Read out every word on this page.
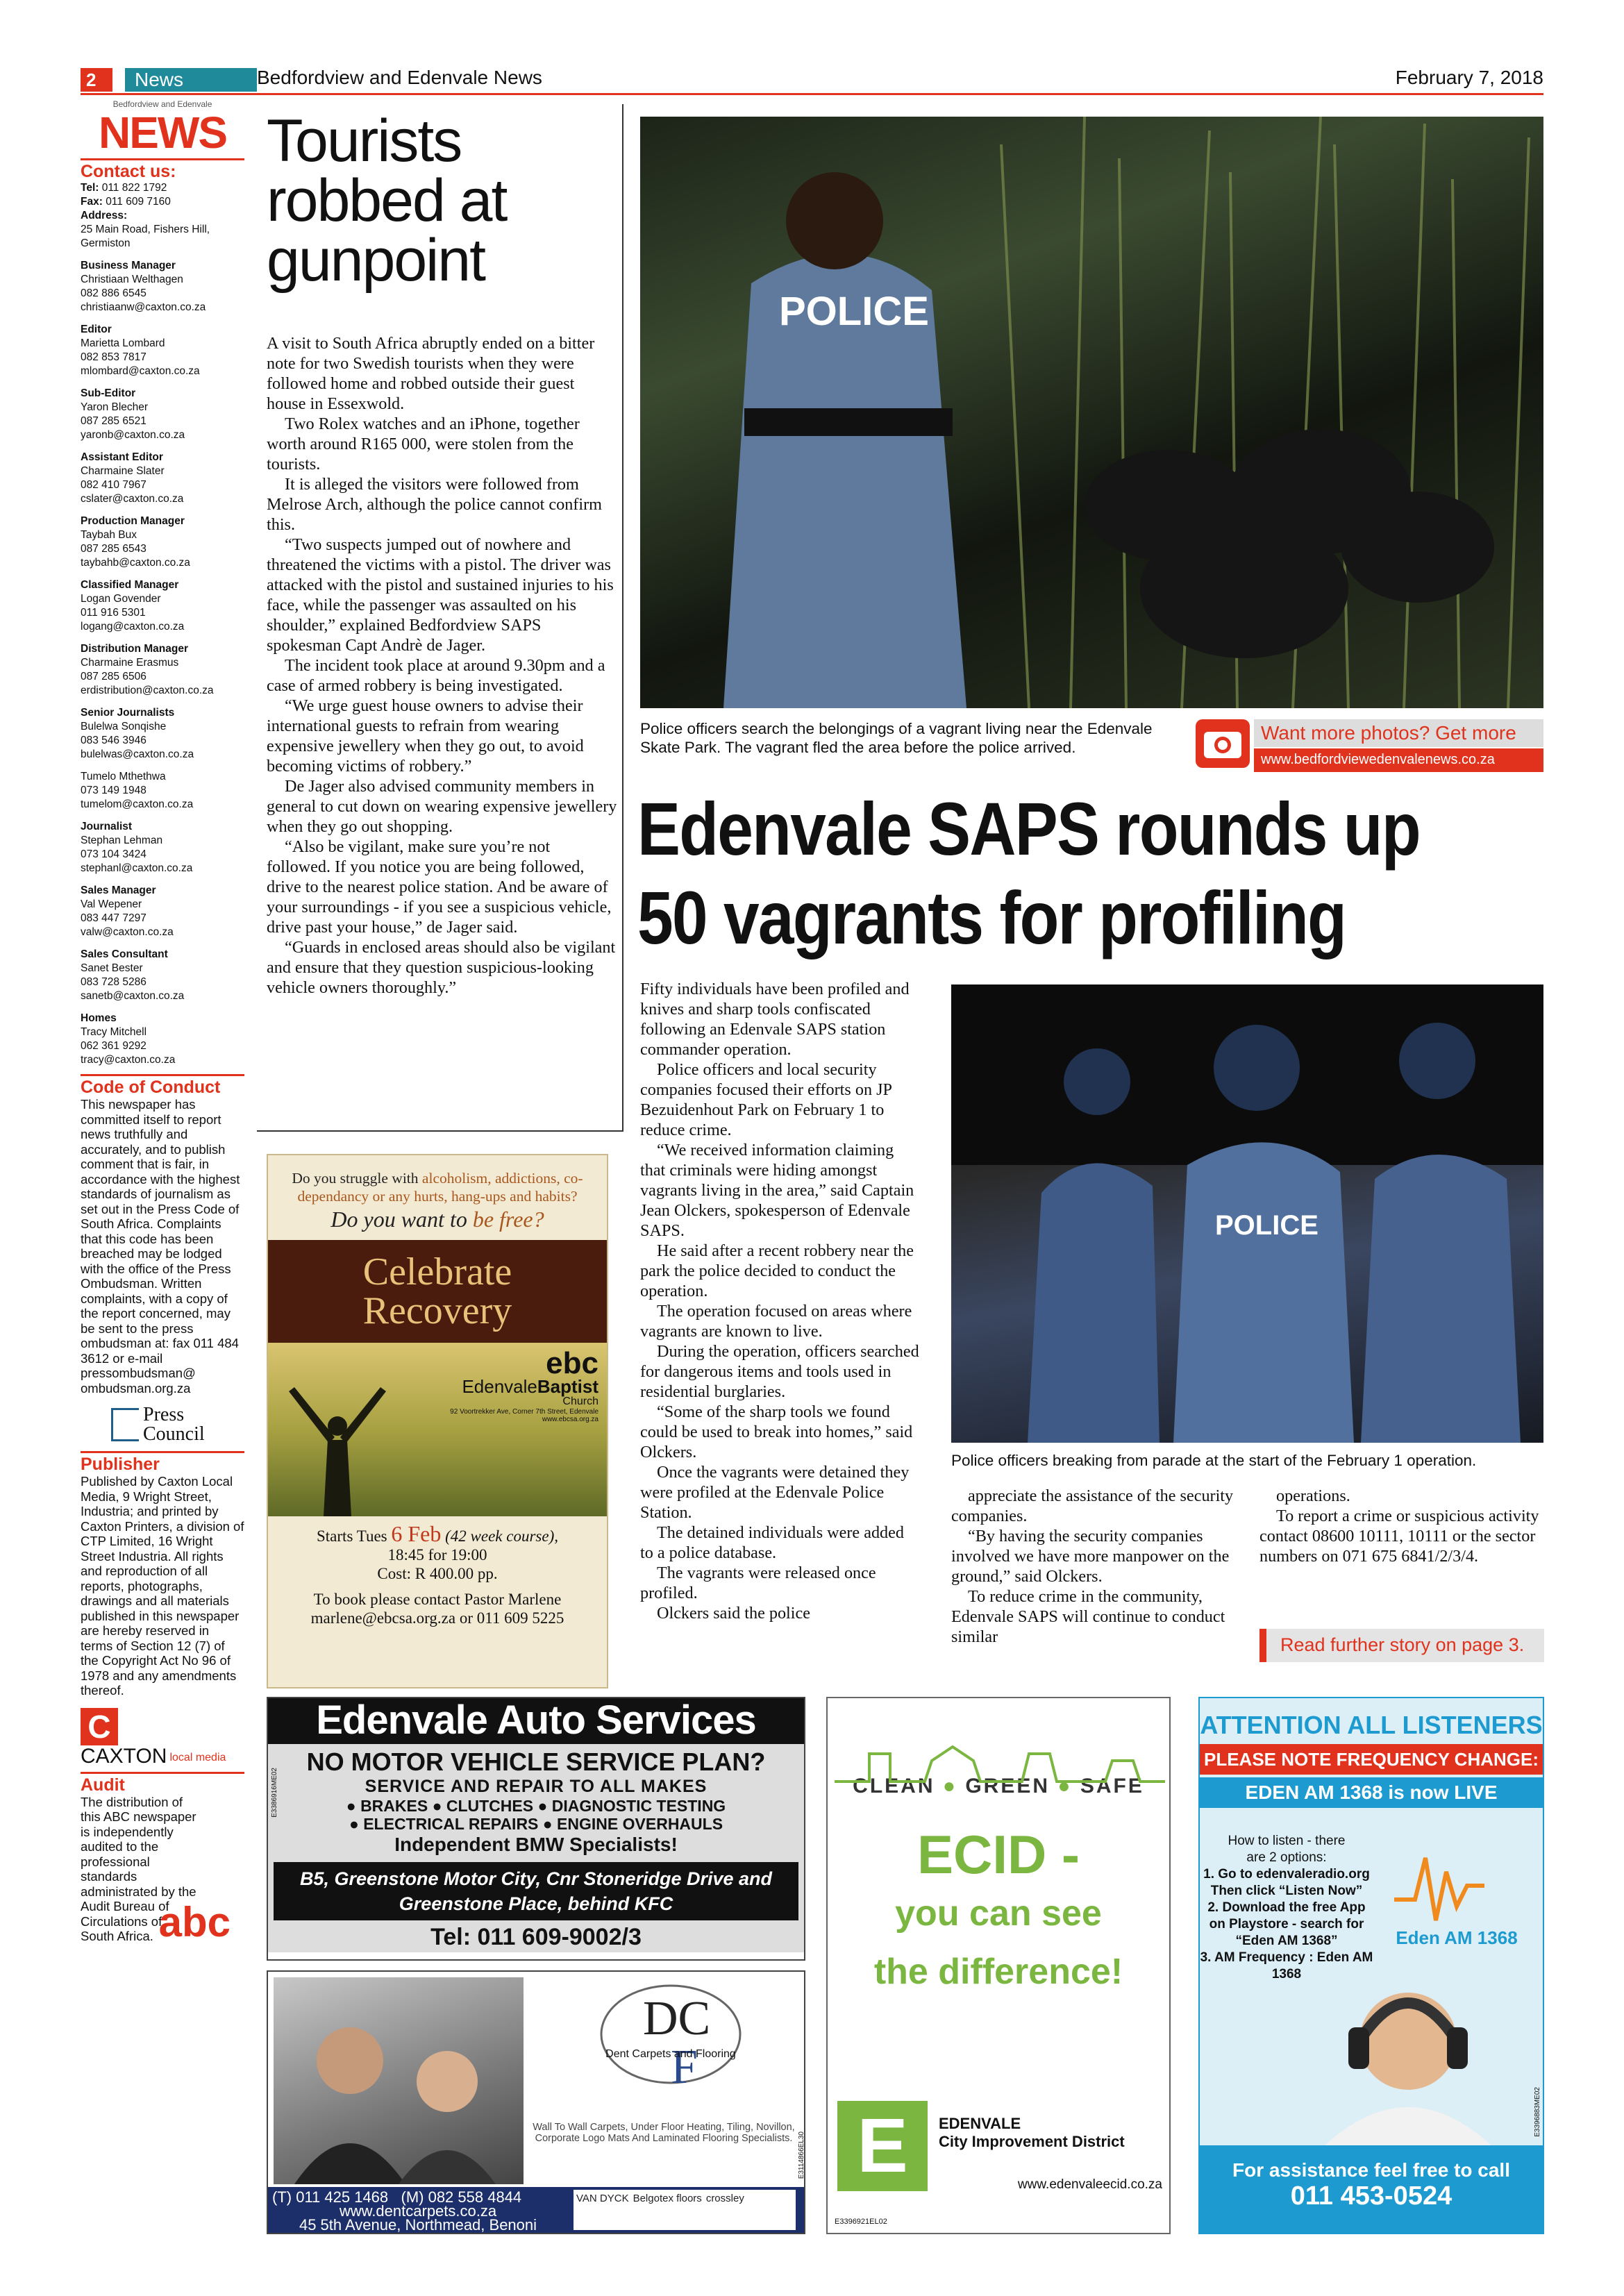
2	News	Bedfordview and Edenvale News	February 7, 2018
Bedfordview and Edenvale
NEWS
Contact us:
Tel: 011 822 1792
Fax: 011 609 7160
Address:
25 Main Road, Fishers Hill, Germiston
Business Manager
Christiaan Welthagen
082 886 6545
christiaanw@caxton.co.za
Editor
Marietta Lombard
082 853 7817
mlombard@caxton.co.za
Sub-Editor
Yaron Blecher
087 285 6521
yaronb@caxton.co.za
Assistant Editor
Charmaine Slater
082 410 7967
cslater@caxton.co.za
Production Manager
Taybah Bux
087 285 6543
taybahb@caxton.co.za
Classified Manager
Logan Govender
011 916 5301
logang@caxton.co.za
Distribution Manager
Charmaine Erasmus
087 285 6506
erdistribution@caxton.co.za
Senior Journalists
Bulelwa Sonqishe
083 546 3946
bulelwas@caxton.co.za
Tumelo Mthethwa
073 149 1948
tumelom@caxton.co.za
Journalist
Stephan Lehman
073 104 3424
stephanl@caxton.co.za
Sales Manager
Val Wepener
083 447 7297
valw@caxton.co.za
Sales Consultant
Sanet Bester
083 728 5286
sanetb@caxton.co.za
Homes
Tracy Mitchell
062 361 9292
tracy@caxton.co.za
Code of Conduct
This newspaper has committed itself to report news truthfully and accurately, and to publish comment that is fair, in accordance with the highest standards of journalism as set out in the Press Code of South Africa. Complaints that this code has been breached may be lodged with the office of the Press Ombudsman. Written complaints, with a copy of the report concerned, may be sent to the press ombudsman at: fax 011 484 3612 or e-mail pressombudsman@ ombudsman.org.za
Press
Council
Publisher
Published by Caxton Local Media, 9 Wright Street, Industria; and printed by Caxton Printers, a division of CTP Limited, 16 Wright Street Industria. All rights and reproduction of all reports, photographs, drawings and all materials published in this newspaper are hereby reserved in terms of Section 12 (7) of the Copyright Act No 96 of 1978 and any amendments thereof.
C
CAXTON local media
Audit
The distribution of this ABC newspaper is independently audited to the professional standards administrated by the Audit Bureau of Circulations of South Africa. abc
Tourists robbed at gunpoint

A visit to South Africa abruptly ended on a bitter note for two Swedish tourists when they were followed home and robbed outside their guest house in Essexwold.

Two Rolex watches and an iPhone, together worth around R165 000, were stolen from the tourists.

It is alleged the visitors were followed from Melrose Arch, although the police cannot confirm this.

“Two suspects jumped out of nowhere and threatened the victims with a pistol. The driver was attacked with the pistol and sustained injuries to his face, while the passenger was assaulted on his shoulder,” explained Bedfordview SAPS spokesman Capt Andrè de Jager.

The incident took place at around 9.30pm and a case of armed robbery is being investigated.

“We urge guest house owners to advise their international guests to refrain from wearing expensive jewellery when they go out, to avoid becoming victims of robbery.”

De Jager also advised community members in general to cut down on wearing expensive jewellery when they go out shopping.

“Also be vigilant, make sure you’re not followed. If you notice you are being followed, drive to the nearest police station. And be aware of your surroundings - if you see a suspicious vehicle, drive past your house,” de Jager said.

“Guards in enclosed areas should also be vigilant and ensure that they question suspicious-looking vehicle owners thoroughly.”

POLICE
Police officers search the belongings of a vagrant living near the Edenvale Skate Park. The vagrant fled the area before the police arrived.
Want more photos? Get more
www.bedfordviewedenvalenews.co.za
Edenvale SAPS rounds up
50 vagrants for profiling

Fifty individuals have been profiled and knives and sharp tools confiscated following an Edenvale SAPS station commander operation.

Police officers and local security companies focused their efforts on JP Bezuidenhout Park on February 1 to reduce crime.

“We received information claiming that criminals were hiding amongst vagrants living in the area,” said Captain Jean Olckers, spokesperson of Edenvale SAPS.

He said after a recent robbery near the park the police decided to conduct the operation.

The operation focused on areas where vagrants are known to live.

During the operation, officers searched for dangerous items and tools used in residential burglaries.

“Some of the sharp tools we found could be used to break into homes,” said Olckers.

Once the vagrants were detained they were profiled at the Edenvale Police Station.

The detained individuals were added to a police database.

The vagrants were released once profiled.

Olckers said the police

POLICE
Police officers breaking from parade at the start of the February 1 operation.

appreciate the assistance of the security companies.

“By having the security companies involved we have more manpower on the ground,” said Olckers.

To reduce crime in the community, Edenvale SAPS will continue to conduct similar

operations.

To report a crime or suspicious activity contact 08600 10111, 10111 or the sector numbers on 071 675 6841/2/3/4.

Read further story on page 3.
Do you struggle with alcoholism, addictions, co-dependancy or any hurts, hang-ups and habits?
Do you want to be free?
Celebrate
Recovery
ebc
EdenvaleBaptist
Church
92 Voortrekker Ave, Corner 7th Street, Edenvale
www.ebcsa.org.za
Starts Tues 6 Feb (42 week course),
18:45 for 19:00
Cost: R 400.00 pp.
To book please contact Pastor Marlene marlene@ebcsa.org.za or 011 609 5225
Edenvale Auto Services
NO MOTOR VEHICLE SERVICE PLAN?
SERVICE AND REPAIR TO ALL MAKES
● BRAKES ● CLUTCHES ● DIAGNOSTIC TESTING
● ELECTRICAL REPAIRS ● ENGINE OVERHAULS
Independent BMW Specialists!
B5, Greenstone Motor City, Cnr Stoneridge Drive and Greenstone Place, behind KFC
Tel: 011 609-9002/3
E3386916ME02
DC
F
Dent Carpets and Flooring
Wall To Wall Carpets, Under Floor Heating, Tiling, Novillon, Corporate Logo Mats And Laminated Flooring Specialists.
(T) 011 425 1468 (M) 082 558 4844
www.dentcarpets.co.za
45 5th Avenue, Northmead, Benoni
VAN DYCK Belgotex floors crossley
E3114866EL30
CLEAN ● GREEN ● SAFE
ECID -
you can see
the difference!
E	EDENVALE
City Improvement District
www.edenvaleecid.co.za
E3396921EL02
ATTENTION ALL LISTENERS
PLEASE NOTE FREQUENCY CHANGE:
EDEN AM 1368 is now LIVE
How to listen - there are 2 options:
1. Go to edenvaleradio.org Then click “Listen Now”
2. Download the free App on Playstore - search for “Eden AM 1368”
3. AM Frequency : Eden AM 1368
Eden AM 1368
E3396883ME02
For assistance feel free to call
011 453-0524
